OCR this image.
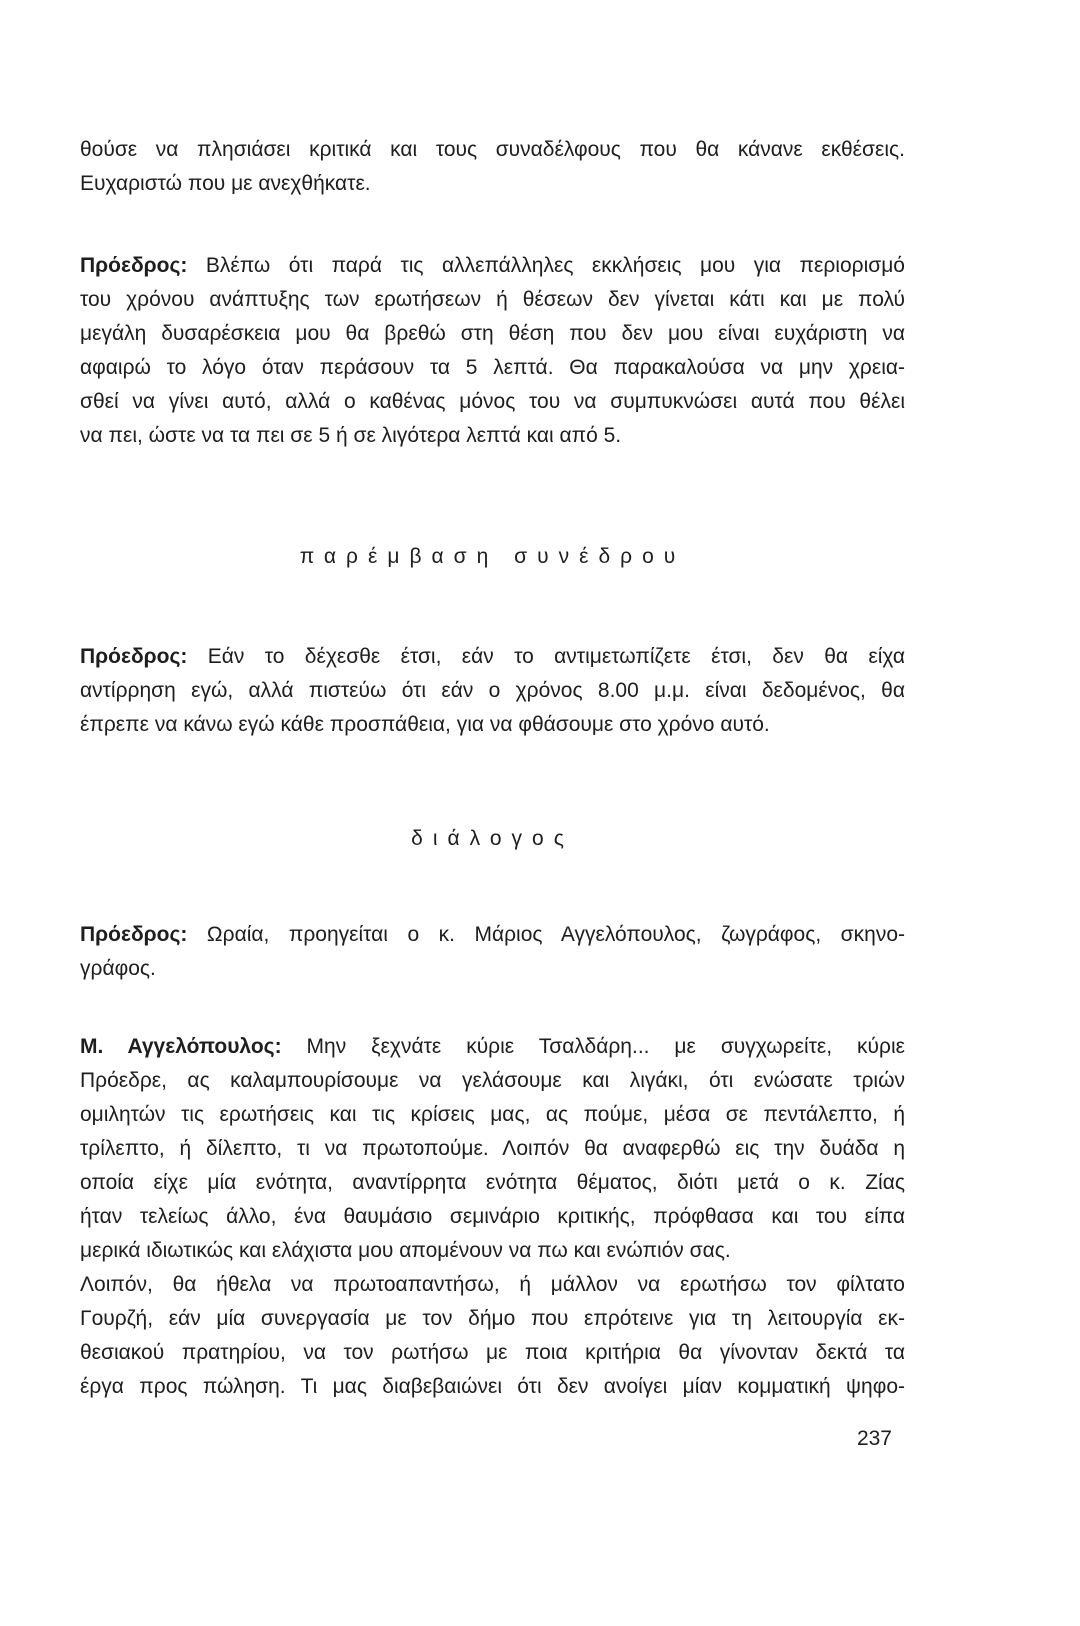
θούσε να πλησιάσει κριτικά και τους συναδέλφους που θα κάνανε εκθέσεις.
Ευχαριστώ που με ανεχθήκατε.

Πρόεδρος: Βλέπω ότι παρά τις αλλεπάλληλες εκκλήσεις μου για περιορισμό
του χρόνου ανάπτυξης των ερωτήσεων ή θέσεων δεν γίνεται κάτι και με πολύ
μεγάλη δυσαρέσκεια μου θα βρεθώ στη θέση που δεν μου είναι ευχάριστη να
αφαιρώ το λόγο όταν περάσουν τα 5 λεπτά. Θα παρακαλούσα να μην χρεια-
σθεί να γίνει αυτό, αλλά ο καθένας μόνος του να συμπυκνώσει αυτά που θέλει
να πει, ώστε να τα πει σε 5 ή σε λιγότερα λεπτά και από 5.

παρέμβαση συνέδρου

Πρόεδρος: Εάν το δέχεσθε έτσι, εάν το αντιμετωπίζετε έτσι, δεν θα είχα
αντίρρηση εγώ, αλλά πιστεύω ότι εάν ο χρόνος 8.00 μ.μ. είναι δεδομένος, θα
έπρεπε να κάνω εγώ κάθε προσπάθεια, για να φθάσουμε στο χρόνο αυτό.

διάλογος

Πρόεδρος: Ωραία, προηγείται ο κ. Μάριος Αγγελόπουλος, ζωγράφος, σκηνο-
γράφος.

Μ. Αγγελόπουλος: Μην ξεχνάτε κύριε Τσαλδάρη... με συγχωρείτε, κύριε
Πρόεδρε, ας καλαμπουρίσουμε να γελάσουμε και λιγάκι, ότι ενώσατε τριών
ομιλητών τις ερωτήσεις και τις κρίσεις μας, ας πούμε, μέσα σε πεντάλεπτο, ή
τρίλεπτο, ή δίλεπτο, τι να πρωτοπούμε. Λοιπόν θα αναφερθώ εις την δυάδα η
οποία είχε μία ενότητα, αναντίρρητα ενότητα θέματος, διότι μετά ο κ. Ζίας
ήταν τελείως άλλο, ένα θαυμάσιο σεμινάριο κριτικής, πρόφθασα και του είπα
μερικά ιδιωτικώς και ελάχιστα μου απομένουν να πω και ενώπιόν σας.

Λοιπόν, θα ήθελα να πρωτοαπαντήσω, ή μάλλον να ερωτήσω τον φίλτατο
Γουρζή, εάν μία συνεργασία με τον δήμο που επρότεινε για τη λειτουργία εκ-
θεσιακού πρατηρίου, να τον ρωτήσω με ποια κριτήρια θα γίνονταν δεκτά τα
έργα προς πώληση. Τι μας διαβεβαιώνει ότι δεν ανοίγει μίαν κομματική ψηφο-

237
